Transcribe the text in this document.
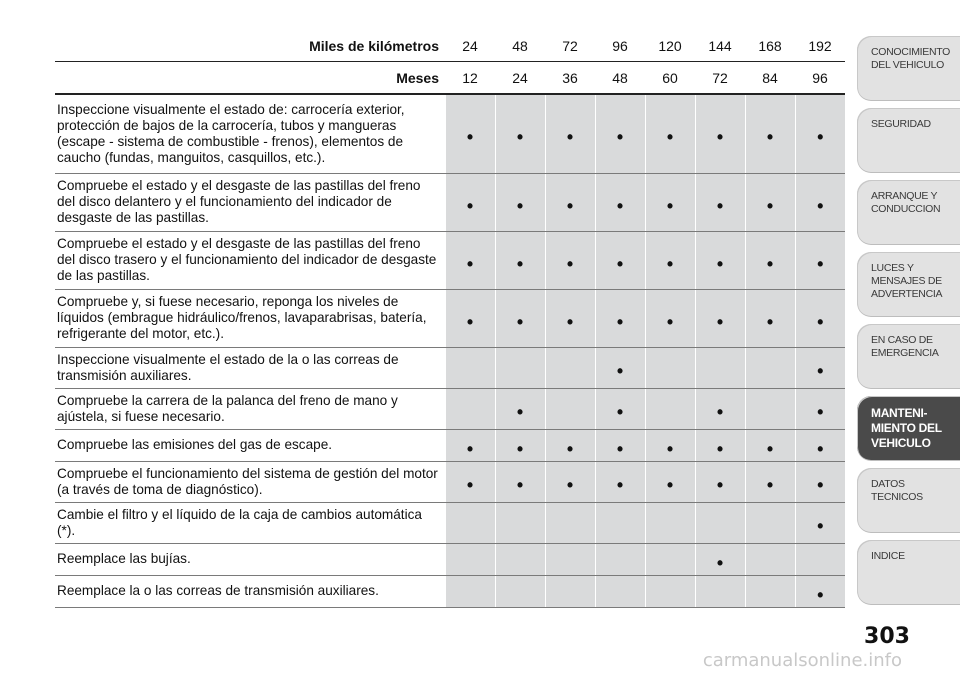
Miles de kilómetros	24	48	72	96	120	144	168	192
Meses	12	24	36	48	60	72	84	96
Inspeccione visualmente el estado de: carrocería exterior, protección de bajos de la carrocería, tubos y mangueras (escape - sistema de combustible - frenos), elementos de caucho (fundas, manguitos, casquillos, etc.).	•	•	•	•	•	•	•	•
Compruebe el estado y el desgaste de las pastillas del freno del disco delantero y el funcionamiento del indicador de desgaste de las pastillas.	•	•	•	•	•	•	•	•
Compruebe el estado y el desgaste de las pastillas del freno del disco trasero y el funcionamiento del indicador de desgaste de las pastillas.	•	•	•	•	•	•	•	•
Compruebe y, si fuese necesario, reponga los niveles de líquidos (embrague hidráulico/frenos, lavaparabrisas, batería, refrigerante del motor, etc.).	•	•	•	•	•	•	•	•
Inspeccione visualmente el estado de la o las correas de transmisión auxiliares.				•				•
Compruebe la carrera de la palanca del freno de mano y ajústela, si fuese necesario.		•		•		•		•
Compruebe las emisiones del gas de escape.	•	•	•	•	•	•	•	•
Compruebe el funcionamiento del sistema de gestión del motor (a través de toma de diagnóstico).	•	•	•	•	•	•	•	•
Cambie el filtro y el líquido de la caja de cambios automática (*).								•
Reemplace las bujías.						•		
Reemplace la o las correas de transmisión auxiliares.								•
CONOCIMIENTO
DEL VEHICULO
SEGURIDAD
ARRANQUE Y
CONDUCCION
LUCES Y
MENSAJES DE
ADVERTENCIA
EN CASO DE
EMERGENCIA
MANTENI-
MIENTO DEL
VEHICULO
DATOS
TECNICOS
INDICE
303
carmanualsonline.info
